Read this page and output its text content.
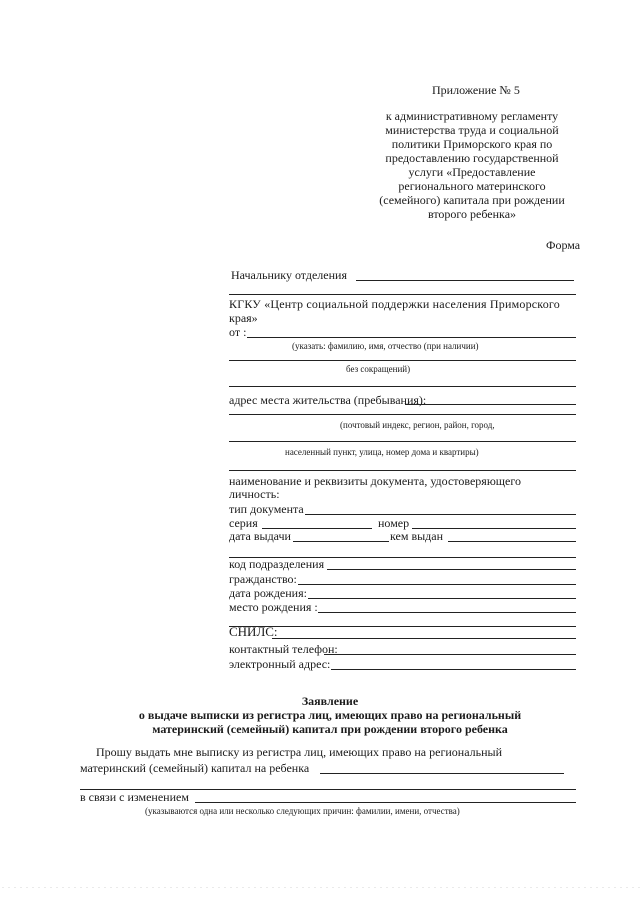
Приложение № 5
к административному регламенту
министерства труда и социальной
политики Приморского края по
предоставлению государственной
услуги «Предоставление
регионального материнского
(семейного) капитала при рождении
второго ребенка»
Форма
Начальнику отделения
КГКУ «Центр социальной поддержки населения Приморского
края»
от :
(указать: фамилию, имя, отчество (при наличии)
без сокращений)
адрес места жительства (пребывания):
(почтовый индекс, регион, район, город,
населенный пункт, улица, номер дома и квартиры)
наименование и реквизиты документа, удостоверяющего
личность:
тип документа
серия	номер
дата выдачи	кем выдан
код подразделения
гражданство:
дата рождения:
место рождения :
СНИЛС:
контактный телефон:
электронный адрес:
Заявление
о выдаче выписки из регистра лиц, имеющих право на региональный
материнский (семейный) капитал при рождении второго ребенка
Прошу выдать мне выписку из регистра лиц, имеющих право на региональный
материнский (семейный) капитал на ребенка
в связи с изменением
(указываются одна или несколько следующих причин: фамилии, имени, отчества)
